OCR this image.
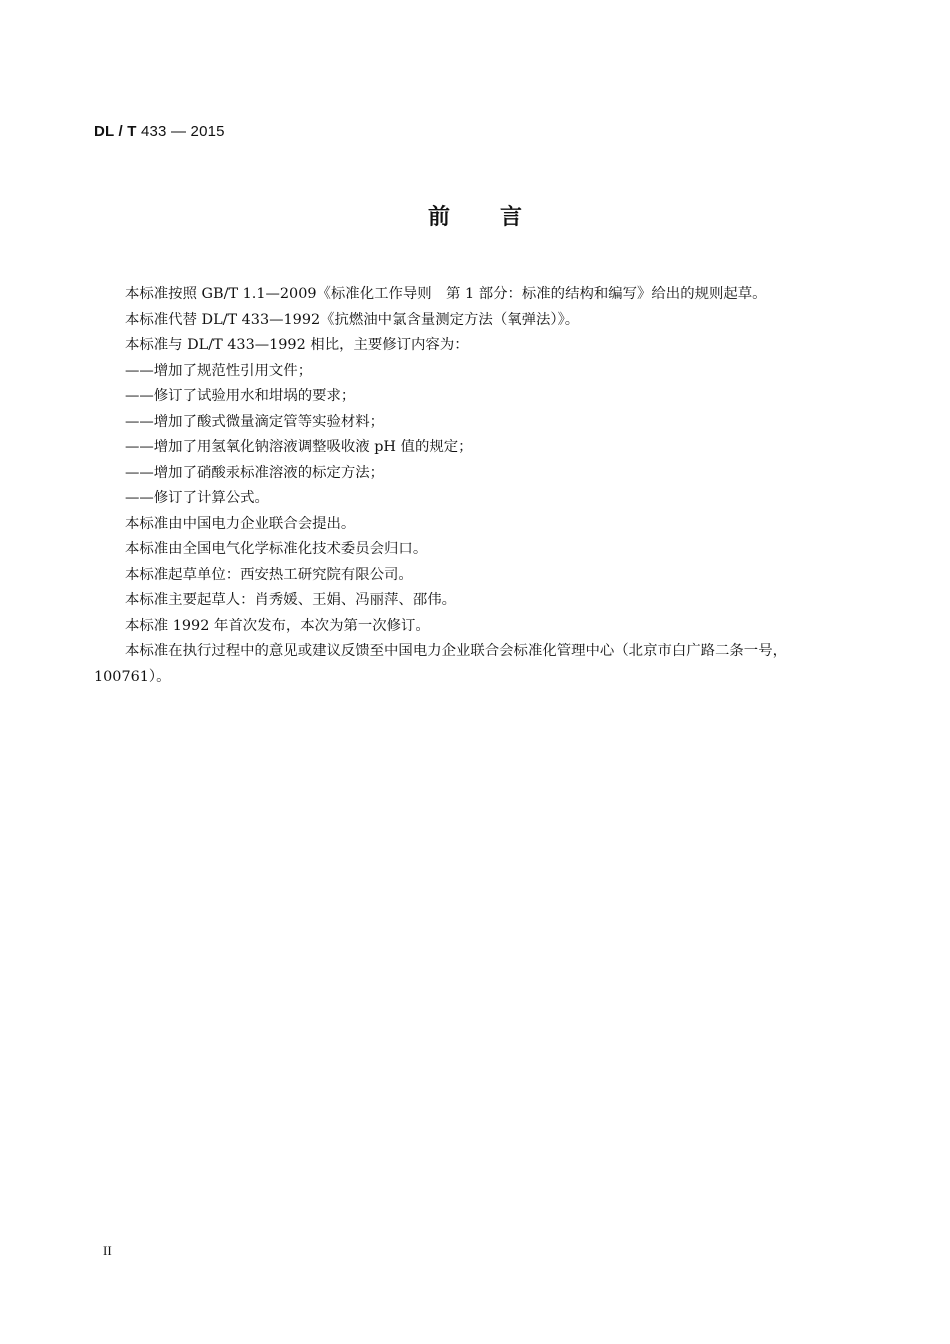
DL / T 433 — 2015
前言

本标准按照 GB/T 1.1—2009《标准化工作导则　第 1 部分：标准的结构和编写》给出的规则起草。

本标准代替 DL/T 433—1992《抗燃油中氯含量测定方法（氧弹法）》。

本标准与 DL/T 433—1992 相比，主要修订内容为：

——增加了规范性引用文件；

——修订了试验用水和坩埚的要求；

——增加了酸式微量滴定管等实验材料；

——增加了用氢氧化钠溶液调整吸收液 pH 值的规定；

——增加了硝酸汞标准溶液的标定方法；

——修订了计算公式。

本标准由中国电力企业联合会提出。

本标准由全国电气化学标准化技术委员会归口。

本标准起草单位：西安热工研究院有限公司。

本标准主要起草人：肖秀媛、王娟、冯丽萍、邵伟。

本标准 1992 年首次发布，本次为第一次修订。

本标准在执行过程中的意见或建议反馈至中国电力企业联合会标准化管理中心（北京市白广路二条一号，100761）。

II
